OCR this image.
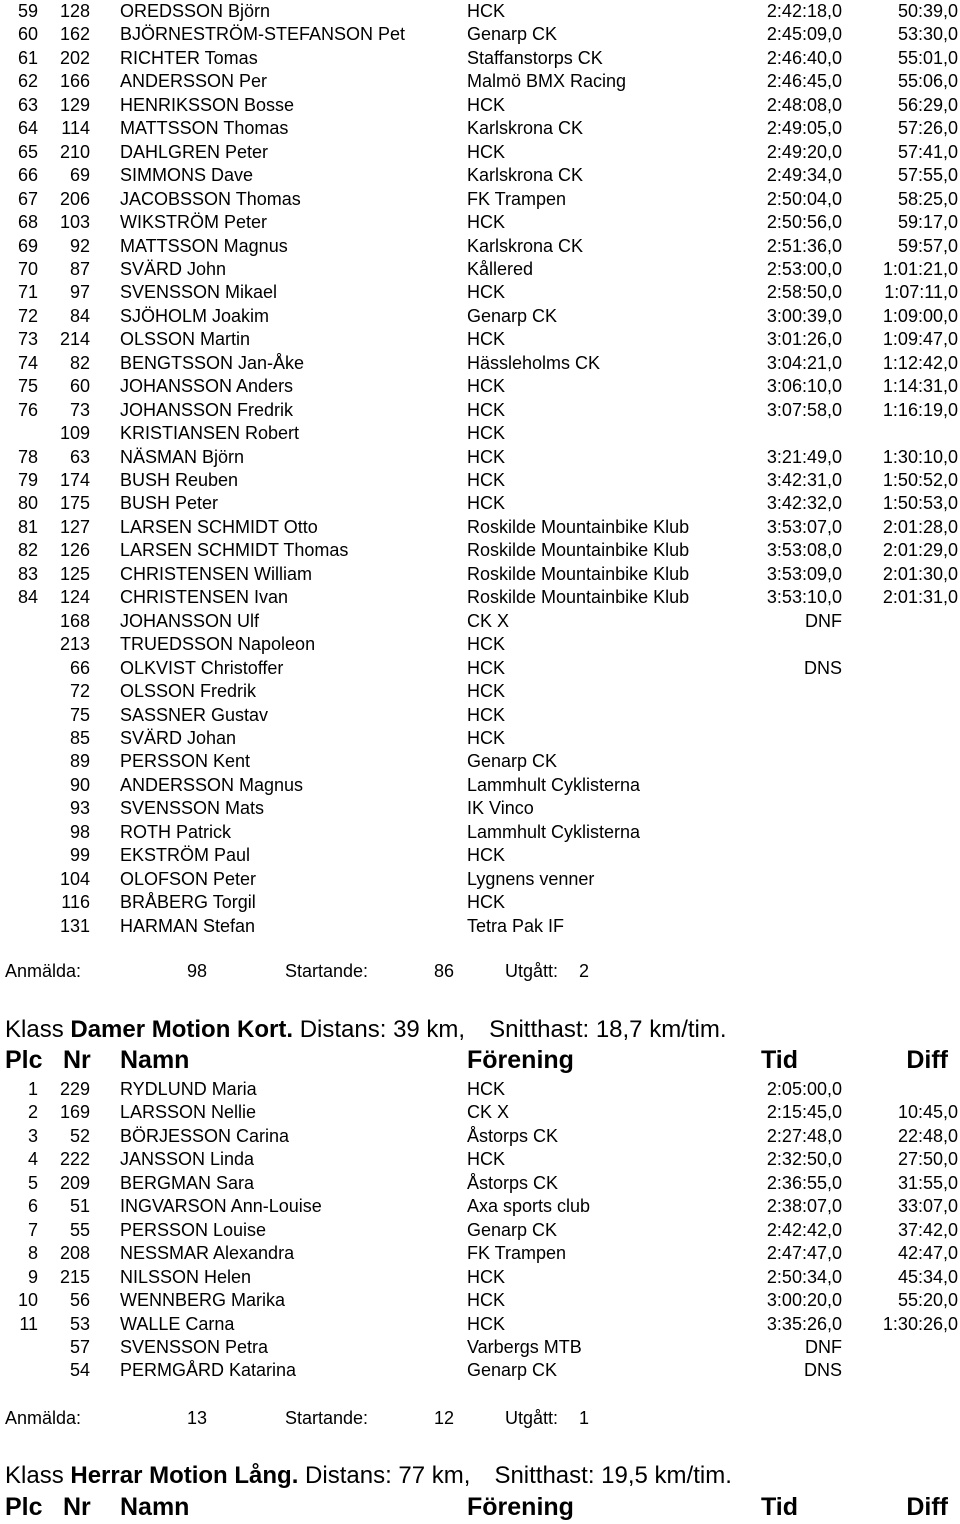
59 128 OREDSSON Björn	HCK	2:42:18,0	50:39,0
60 162 BJÖRNESTRÖM-STEFANSON Pet	Genarp CK	2:45:09,0	53:30,0
61 202 RICHTER Tomas	Staffanstorps CK	2:46:40,0	55:01,0
62 166 ANDERSSON Per	Malmö BMX Racing	2:46:45,0	55:06,0
63 129 HENRIKSSON Bosse	HCK	2:48:08,0	56:29,0
64 114 MATTSSON Thomas	Karlskrona CK	2:49:05,0	57:26,0
65 210 DAHLGREN Peter	HCK	2:49:20,0	57:41,0
66 69 SIMMONS Dave	Karlskrona CK	2:49:34,0	57:55,0
67 206 JACOBSSON Thomas	FK Trampen	2:50:04,0	58:25,0
68 103 WIKSTRÖM Peter	HCK	2:50:56,0	59:17,0
69 92 MATTSSON Magnus	Karlskrona CK	2:51:36,0	59:57,0
70 87 SVÄRD John	Kållered	2:53:00,0 1:01:21,0
71 97 SVENSSON Mikael	HCK	2:58:50,0 1:07:11,0
72 84 SJÖHOLM Joakim	Genarp CK	3:00:39,0 1:09:00,0
73 214 OLSSON Martin	HCK	3:01:26,0 1:09:47,0
74 82 BENGTSSON Jan-Åke	Hässleholms CK	3:04:21,0 1:12:42,0
75 60 JOHANSSON Anders	HCK	3:06:10,0 1:14:31,0
76 73 JOHANSSON Fredrik	HCK	3:07:58,0 1:16:19,0
109 KRISTIANSEN Robert	HCK
78 63 NÄSMAN Björn	HCK	3:21:49,0 1:30:10,0
79 174 BUSH Reuben	HCK	3:42:31,0 1:50:52,0
80 175 BUSH Peter	HCK	3:42:32,0 1:50:53,0
81 127 LARSEN SCHMIDT Otto	Roskilde Mountainbike Klub	3:53:07,0 2:01:28,0
82 126 LARSEN SCHMIDT Thomas	Roskilde Mountainbike Klub	3:53:08,0 2:01:29,0
83 125 CHRISTENSEN William	Roskilde Mountainbike Klub	3:53:09,0 2:01:30,0
84 124 CHRISTENSEN Ivan	Roskilde Mountainbike Klub	3:53:10,0 2:01:31,0
168 JOHANSSON Ulf	CK X	DNF
213 TRUEDSSON Napoleon	HCK
66 OLKVIST Christoffer	HCK	DNS
72 OLSSON Fredrik	HCK
75 SASSNER Gustav	HCK
85 SVÄRD Johan	HCK
89 PERSSON Kent	Genarp CK
90 ANDERSSON Magnus	Lammhult Cyklisterna
93 SVENSSON Mats	IK Vinco
98 ROTH Patrick	Lammhult Cyklisterna
99 EKSTRÖM Paul	HCK
104 OLOFSON Peter	Lygnens venner
116 BRÅBERG Torgil	HCK
131 HARMAN Stefan	Tetra Pak IF
Anmälda:	98	Startande:	86	Utgått: 2
Klass Damer Motion Kort. Distans: 39 km, Snitthast: 18,7 km/tim.
Plc Nr Namn	Förening	Tid	Diff
1 229 RYDLUND Maria	HCK	2:05:00,0
2 169 LARSSON Nellie	CK X	2:15:45,0	10:45,0
3 52 BÖRJESSON Carina	Åstorps CK	2:27:48,0	22:48,0
4 222 JANSSON Linda	HCK	2:32:50,0	27:50,0
5 209 BERGMAN Sara	Åstorps CK	2:36:55,0	31:55,0
6 51 INGVARSON Ann-Louise	Axa sports club	2:38:07,0	33:07,0
7 55 PERSSON Louise	Genarp CK	2:42:42,0	37:42,0
8 208 NESSMAR Alexandra	FK Trampen	2:47:47,0	42:47,0
9 215 NILSSON Helen	HCK	2:50:34,0	45:34,0
10 56 WENNBERG Marika	HCK	3:00:20,0	55:20,0
11 53 WALLE Carna	HCK	3:35:26,0 1:30:26,0
57 SVENSSON Petra	Varbergs MTB	DNF
54 PERMGÅRD Katarina	Genarp CK	DNS
Anmälda:	13	Startande:	12	Utgått: 1
Klass Herrar Motion Lång. Distans: 77 km, Snitthast: 19,5 km/tim.
Plc Nr Namn	Förening	Tid	Diff
